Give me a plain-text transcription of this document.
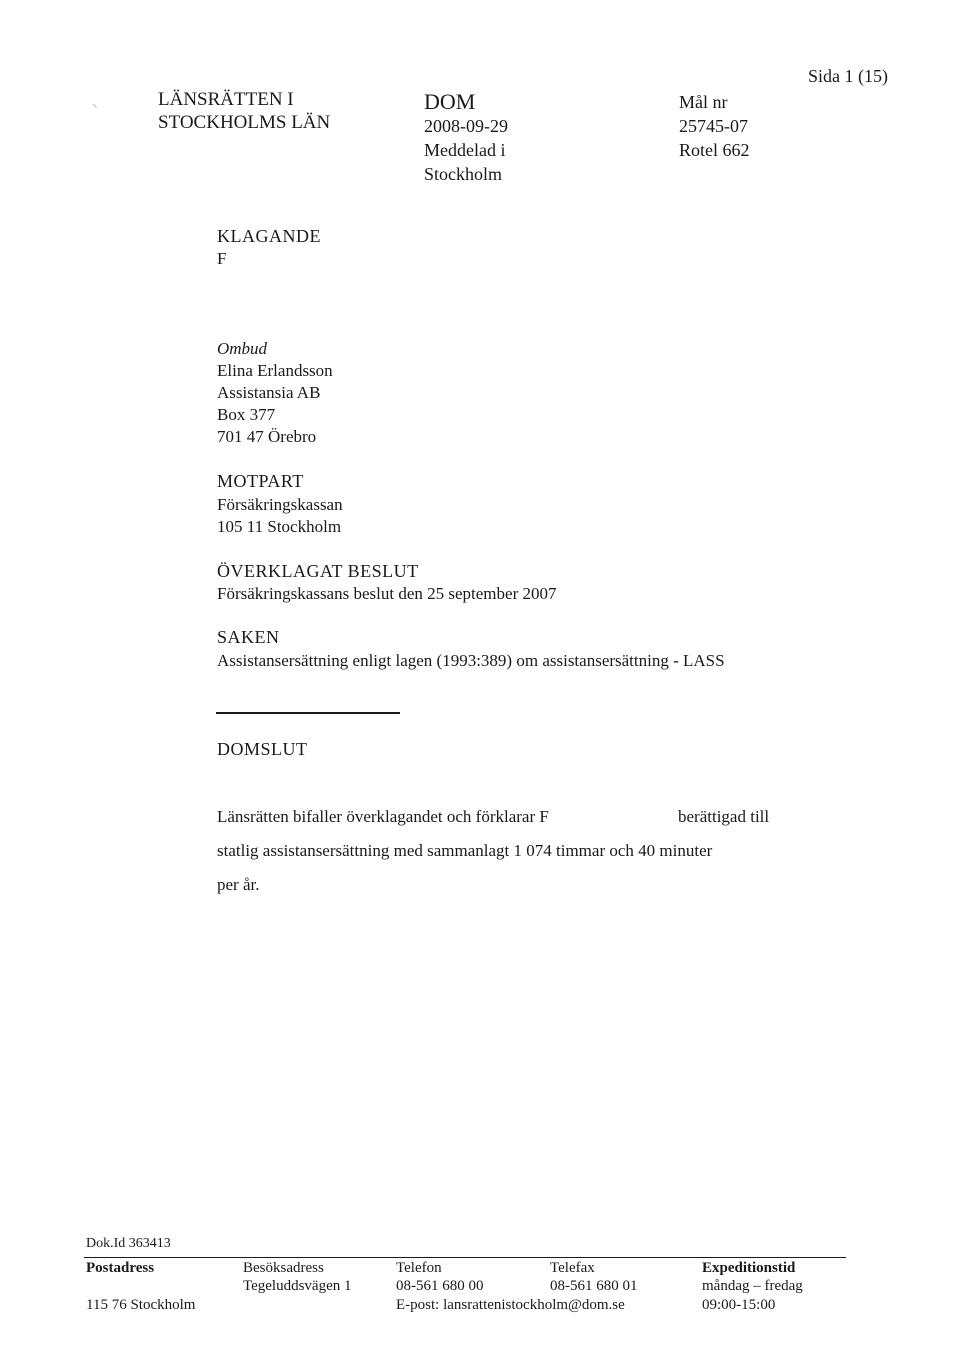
⸜	LÄNSRÄTTEN I
STOCKHOLMS LÄN
DOM
2008-09-29
Meddelad i
Stockholm
Mål nr
25745-07
Rotel 662
Sida 1 (15)
KLAGANDE
F
Ombud
Elina Erlandsson
Assistansia AB
Box 377
701 47 Örebro
MOTPART
Försäkringskassan
105 11 Stockholm
ÖVERKLAGAT BESLUT
Försäkringskassans beslut den 25 september 2007
SAKEN
Assistansersättning enligt lagen (1993:389) om assistansersättning - LASS
DOMSLUT
Länsrätten bifaller överklagandet och förklarar F	berättigad till
statlig assistansersättning med sammanlagt 1 074 timmar och 40 minuter
per år.
Dok.Id 363413
Postadress
115 76 Stockholm
Besöksadress
Tegeluddsvägen 1
Telefon
08-561 680 00
E-post: lansrattenistockholm@dom.se
Telefax
08-561 680 01
Expeditionstid
måndag – fredag
09:00-15:00
